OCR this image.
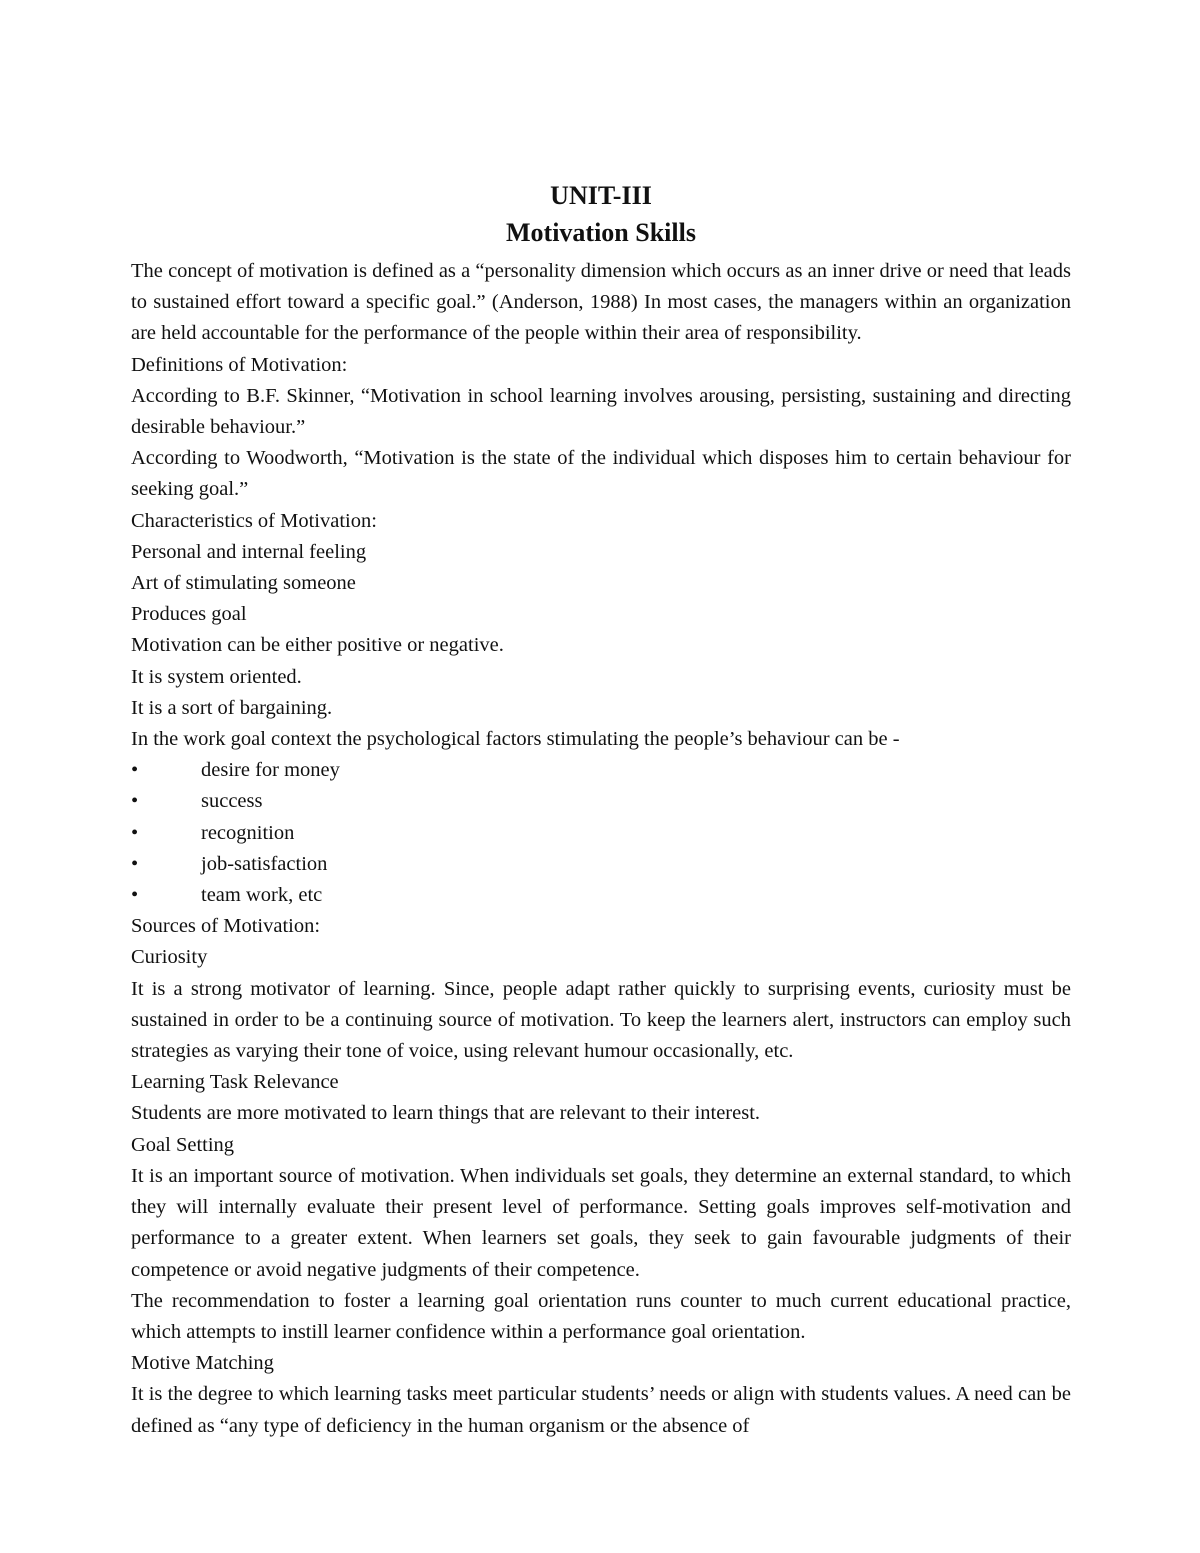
UNIT-III
Motivation Skills

The concept of motivation is defined as a “personality dimension which occurs as an inner drive or need that leads to sustained effort toward a specific goal.” (Anderson, 1988) In most cases, the managers within an organization are held accountable for the performance of the people within their area of responsibility.

Definitions of Motivation:

According to B.F. Skinner, “Motivation in school learning involves arousing, persisting, sustaining and directing desirable behaviour.”

According to Woodworth, “Motivation is the state of the individual which disposes him to certain behaviour for seeking goal.”

Characteristics of Motivation:

Personal and internal feeling

Art of stimulating someone

Produces goal

Motivation can be either positive or negative.

It is system oriented.

It is a sort of bargaining.

In the work goal context the psychological factors stimulating the people’s behaviour can be -

•	desire for money
•	success
•	recognition
•	job-satisfaction
•	team work, etc

Sources of Motivation:

Curiosity

It is a strong motivator of learning. Since, people adapt rather quickly to surprising events, curiosity must be sustained in order to be a continuing source of motivation. To keep the learners alert, instructors can employ such strategies as varying their tone of voice, using relevant humour occasionally, etc.

Learning Task Relevance

Students are more motivated to learn things that are relevant to their interest.

Goal Setting

It is an important source of motivation. When individuals set goals, they determine an external standard, to which they will internally evaluate their present level of performance. Setting goals improves self-motivation and performance to a greater extent. When learners set goals, they seek to gain favourable judgments of their competence or avoid negative judgments of their competence.

The recommendation to foster a learning goal orientation runs counter to much current educational practice, which attempts to instill learner confidence within a performance goal orientation.

Motive Matching

It is the degree to which learning tasks meet particular students’ needs or align with students values. A need can be defined as “any type of deficiency in the human organism or the absence of
